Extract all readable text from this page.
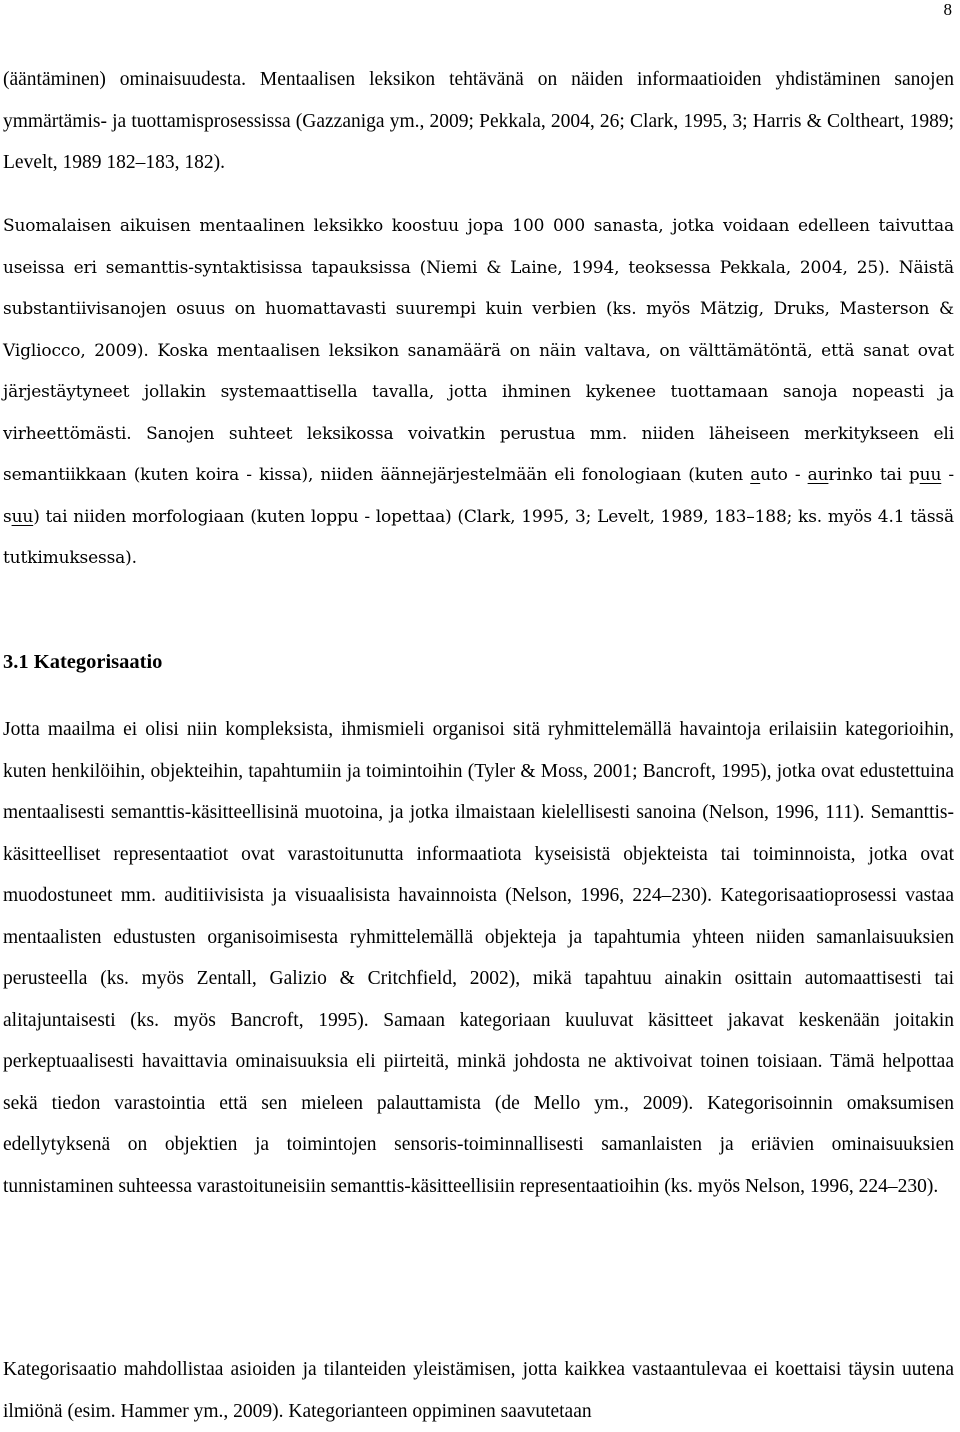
8

(ääntäminen) ominaisuudesta. Mentaalisen leksikon tehtävänä on näiden informaatioiden yhdistäminen sanojen ymmärtämis- ja tuottamisprosessissa (Gazzaniga ym., 2009; Pekkala, 2004, 26; Clark, 1995, 3; Harris & Coltheart, 1989; Levelt, 1989 182–183, 182).

Suomalaisen aikuisen mentaalinen leksikko koostuu jopa 100 000 sanasta, jotka voidaan edelleen taivuttaa useissa eri semanttis-syntaktisissa tapauksissa (Niemi & Laine, 1994, teoksessa Pekkala, 2004, 25). Näistä substantiivisanojen osuus on huomattavasti suurempi kuin verbien (ks. myös Mätzig, Druks, Masterson & Vigliocco, 2009). Koska mentaalisen leksikon sanamäärä on näin valtava, on välttämätöntä, että sanat ovat järjestäytyneet jollakin systemaattisella tavalla, jotta ihminen kykenee tuottamaan sanoja nopeasti ja virheettömästi. Sanojen suhteet leksikossa voivatkin perustua mm. niiden läheiseen merkitykseen eli semantiikkaan (kuten koira - kissa), niiden äännejärjestelmään eli fonologiaan (kuten auto - aurinko tai puu - suu) tai niiden morfologiaan (kuten loppu - lopettaa) (Clark, 1995, 3; Levelt, 1989, 183–188; ks. myös 4.1 tässä tutkimuksessa).

3.1 Kategorisaatio

Jotta maailma ei olisi niin kompleksista, ihmismieli organisoi sitä ryhmittelemällä havaintoja erilaisiin kategorioihin, kuten henkilöihin, objekteihin, tapahtumiin ja toimintoihin (Tyler & Moss, 2001; Bancroft, 1995), jotka ovat edustettuina mentaalisesti semanttis-käsitteellisinä muotoina, ja jotka ilmaistaan kielellisesti sanoina (Nelson, 1996, 111). Semanttis-käsitteelliset representaatiot ovat varastoitunutta informaatiota kyseisistä objekteista tai toiminnoista, jotka ovat muodostuneet mm. auditiivisista ja visuaalisista havainnoista (Nelson, 1996, 224–230). Kategorisaatioprosessi vastaa mentaalisten edustusten organisoimisesta ryhmittelemällä objekteja ja tapahtumia yhteen niiden samanlaisuuksien perusteella (ks. myös Zentall, Galizio & Critchfield, 2002), mikä tapahtuu ainakin osittain automaattisesti tai alitajuntaisesti (ks. myös Bancroft, 1995). Samaan kategoriaan kuuluvat käsitteet jakavat keskenään joitakin perkeptuaalisesti havaittavia ominaisuuksia eli piirteitä, minkä johdosta ne aktivoivat toinen toisiaan. Tämä helpottaa sekä tiedon varastointia että sen mieleen palauttamista (de Mello ym., 2009). Kategorisoinnin omaksumisen edellytyksenä on objektien ja toimintojen sensoris-toiminnallisesti samanlaisten ja eriävien ominaisuuksien tunnistaminen suhteessa varastoituneisiin semanttis-käsitteellisiin representaatioihin (ks. myös Nelson, 1996, 224–230).

Kategorisaatio mahdollistaa asioiden ja tilanteiden yleistämisen, jotta kaikkea vastaantulevaa ei koettaisi täysin uutena ilmiönä (esim. Hammer ym., 2009). Kategorianteen oppiminen saavutetaan
